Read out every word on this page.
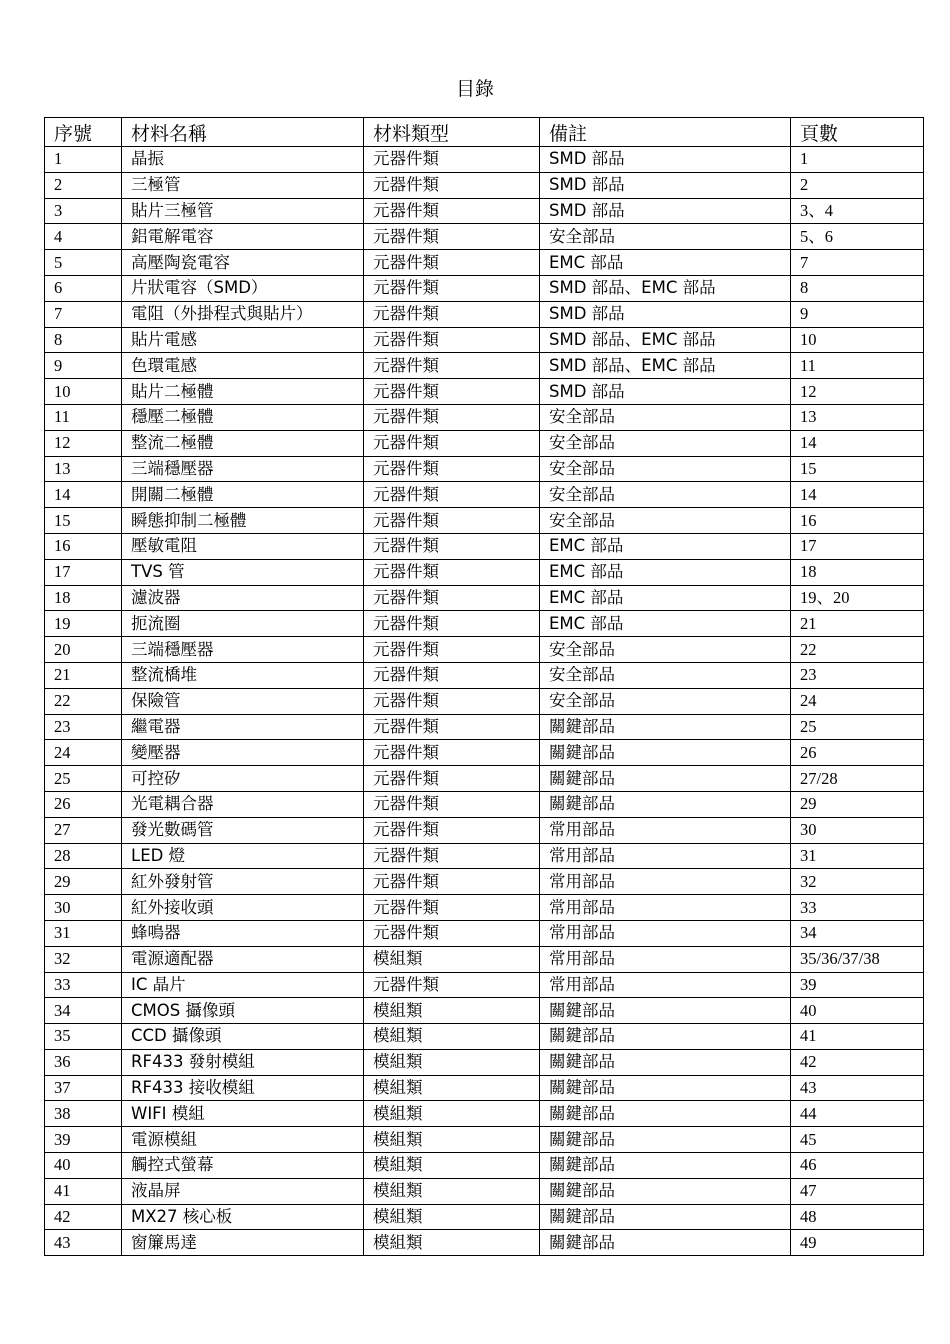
目錄
序號	材料名稱	材料類型	備註	頁數
1	晶振	元器件類	SMD 部品	1
2	三極管	元器件類	SMD 部品	2
3	貼片三極管	元器件類	SMD 部品	3、4
4	鋁電解電容	元器件類	安全部品	5、6
5	高壓陶瓷電容	元器件類	EMC 部品	7
6	片狀電容（SMD）	元器件類	SMD 部品、EMC 部品	8
7	電阻（外掛程式與貼片）	元器件類	SMD 部品	9
8	貼片電感	元器件類	SMD 部品、EMC 部品	10
9	色環電感	元器件類	SMD 部品、EMC 部品	11
10	貼片二極體	元器件類	SMD 部品	12
11	穩壓二極體	元器件類	安全部品	13
12	整流二極體	元器件類	安全部品	14
13	三端穩壓器	元器件類	安全部品	15
14	開關二極體	元器件類	安全部品	14
15	瞬態抑制二極體	元器件類	安全部品	16
16	壓敏電阻	元器件類	EMC 部品	17
17	TVS 管	元器件類	EMC 部品	18
18	濾波器	元器件類	EMC 部品	19、20
19	扼流圈	元器件類	EMC 部品	21
20	三端穩壓器	元器件類	安全部品	22
21	整流橋堆	元器件類	安全部品	23
22	保險管	元器件類	安全部品	24
23	繼電器	元器件類	關鍵部品	25
24	變壓器	元器件類	關鍵部品	26
25	可控矽	元器件類	關鍵部品	27/28
26	光電耦合器	元器件類	關鍵部品	29
27	發光數碼管	元器件類	常用部品	30
28	LED 燈	元器件類	常用部品	31
29	紅外發射管	元器件類	常用部品	32
30	紅外接收頭	元器件類	常用部品	33
31	蜂鳴器	元器件類	常用部品	34
32	電源適配器	模組類	常用部品	35/36/37/38
33	IC 晶片	元器件類	常用部品	39
34	CMOS 攝像頭	模組類	關鍵部品	40
35	CCD 攝像頭	模組類	關鍵部品	41
36	RF433 發射模組	模組類	關鍵部品	42
37	RF433 接收模組	模組類	關鍵部品	43
38	WIFI 模組	模組類	關鍵部品	44
39	電源模組	模組類	關鍵部品	45
40	觸控式螢幕	模組類	關鍵部品	46
41	液晶屏	模組類	關鍵部品	47
42	MX27 核心板	模組類	關鍵部品	48
43	窗簾馬達	模組類	關鍵部品	49
